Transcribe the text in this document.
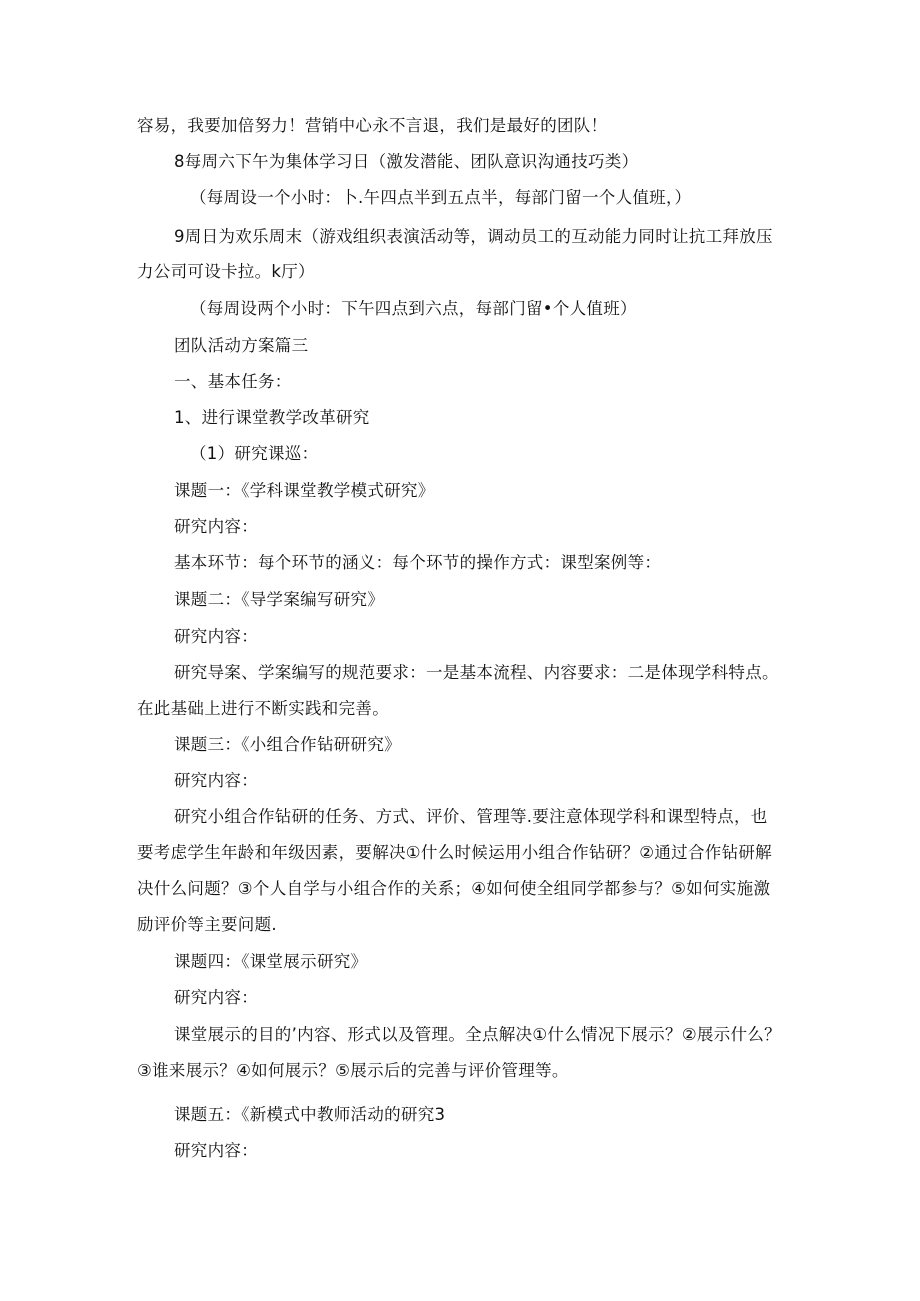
容易，我要加倍努力！营销中心永不言退，我们是最好的团队！

8每周六下午为集体学习日（激发潜能、团队意识沟通技巧类）

（每周设一个小时：卜.午四点半到五点半，每部门留一个人值班，）

9周日为欢乐周末（游戏组织表演活动等，调动员工的互动能力同时让抗工拜放压

力公司可设卡拉。k厅）

（每周设两个小时：下午四点到六点，每部门留•个人值班）

团队活动方案篇三

一、基本任务：

1、进行课堂教学改革研究

（1）研究课巡：

课题一：《学科课堂教学模式研究》

研究内容：

基本环节：每个环节的涵义：每个环节的操作方式：课型案例等：

课题二：《导学案编写研究》

研究内容：

研究导案、学案编写的规范要求：一是基本流程、内容要求：二是体现学科特点。

在此基础上进行不断实践和完善。

课题三：《小组合作钻研研究》

研究内容：

研究小组合作钻研的任务、方式、评价、管理等.要注意体现学科和课型特点，也

要考虑学生年龄和年级因素，要解决①什么时候运用小组合作钻研？②通过合作钻研解

决什么问题？③个人自学与小组合作的关系；④如何使全组同学都参与？⑤如何实施激

励评价等主要问题.

课题四：《课堂展示研究》

研究内容：

课堂展示的目的’内容、形式以及管理。全点解决①什么情况下展示？②展示什么？

③谁来展示？④如何展示？⑤展示后的完善与评价管理等。

课题五：《新模式中教师活动的研究3

研究内容：
